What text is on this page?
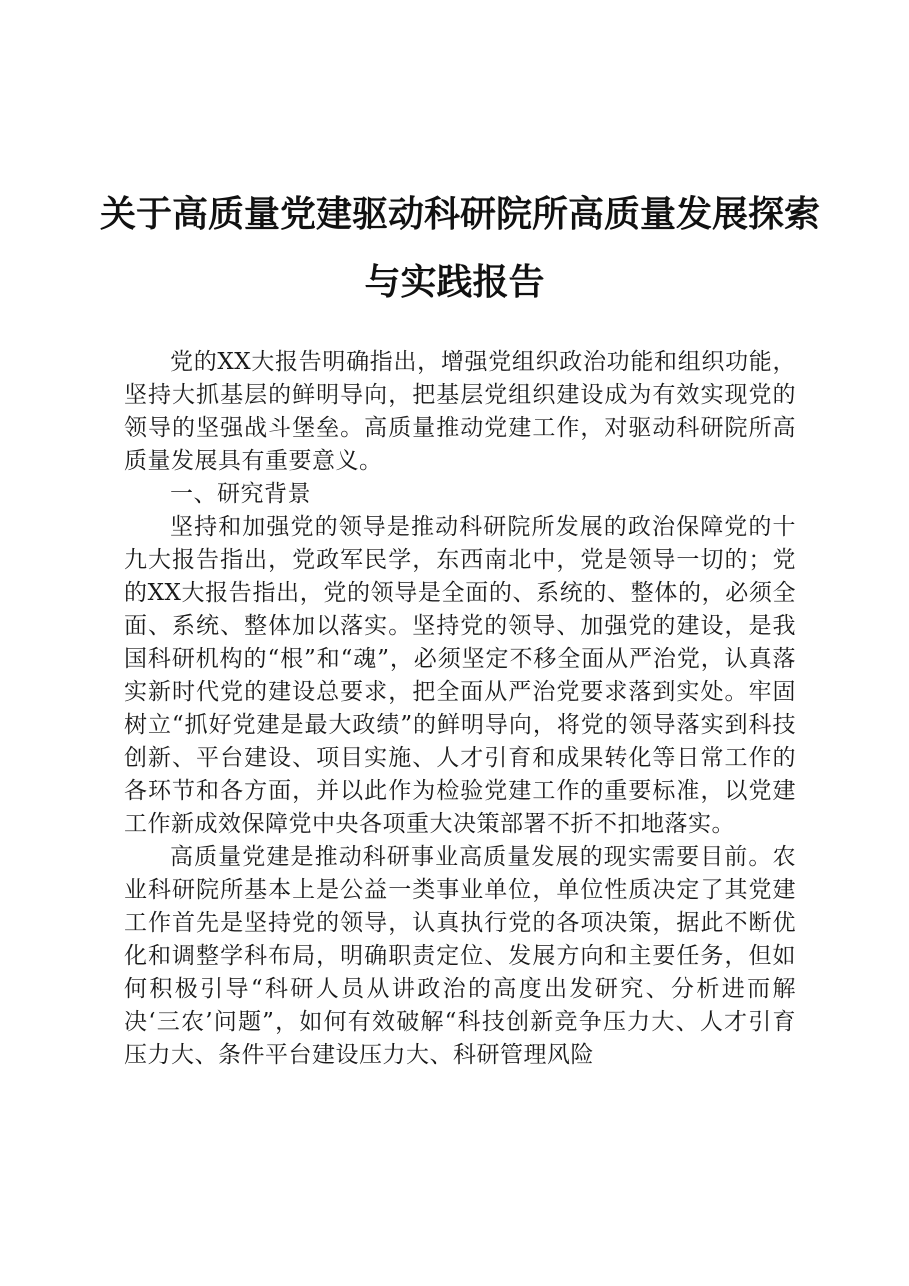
关于高质量党建驱动科研院所高质量发展探索
与实践报告

党的XX大报告明确指出，增强党组织政治功能和组织功能，坚持大抓基层的鲜明导向，把基层党组织建设成为有效实现党的领导的坚强战斗堡垒。高质量推动党建工作，对驱动科研院所高质量发展具有重要意义。

一、研究背景

坚持和加强党的领导是推动科研院所发展的政治保障党的十九大报告指出，党政军民学，东西南北中，党是领导一切的；党的XX大报告指出，党的领导是全面的、系统的、整体的，必须全面、系统、整体加以落实。坚持党的领导、加强党的建设，是我国科研机构的“根”和“魂”，必须坚定不移全面从严治党，认真落实新时代党的建设总要求，把全面从严治党要求落到实处。牢固树立“抓好党建是最大政绩”的鲜明导向，将党的领导落实到科技创新、平台建设、项目实施、人才引育和成果转化等日常工作的各环节和各方面，并以此作为检验党建工作的重要标准，以党建工作新成效保障党中央各项重大决策部署不折不扣地落实。

高质量党建是推动科研事业高质量发展的现实需要目前。农业科研院所基本上是公益一类事业单位，单位性质决定了其党建工作首先是坚持党的领导，认真执行党的各项决策，据此不断优化和调整学科布局，明确职责定位、发展方向和主要任务，但如何积极引导“科研人员从讲政治的高度出发研究、分析进而解决‘三农’问题”，如何有效破解“科技创新竞争压力大、人才引育压力大、条件平台建设压力大、科研管理风险
